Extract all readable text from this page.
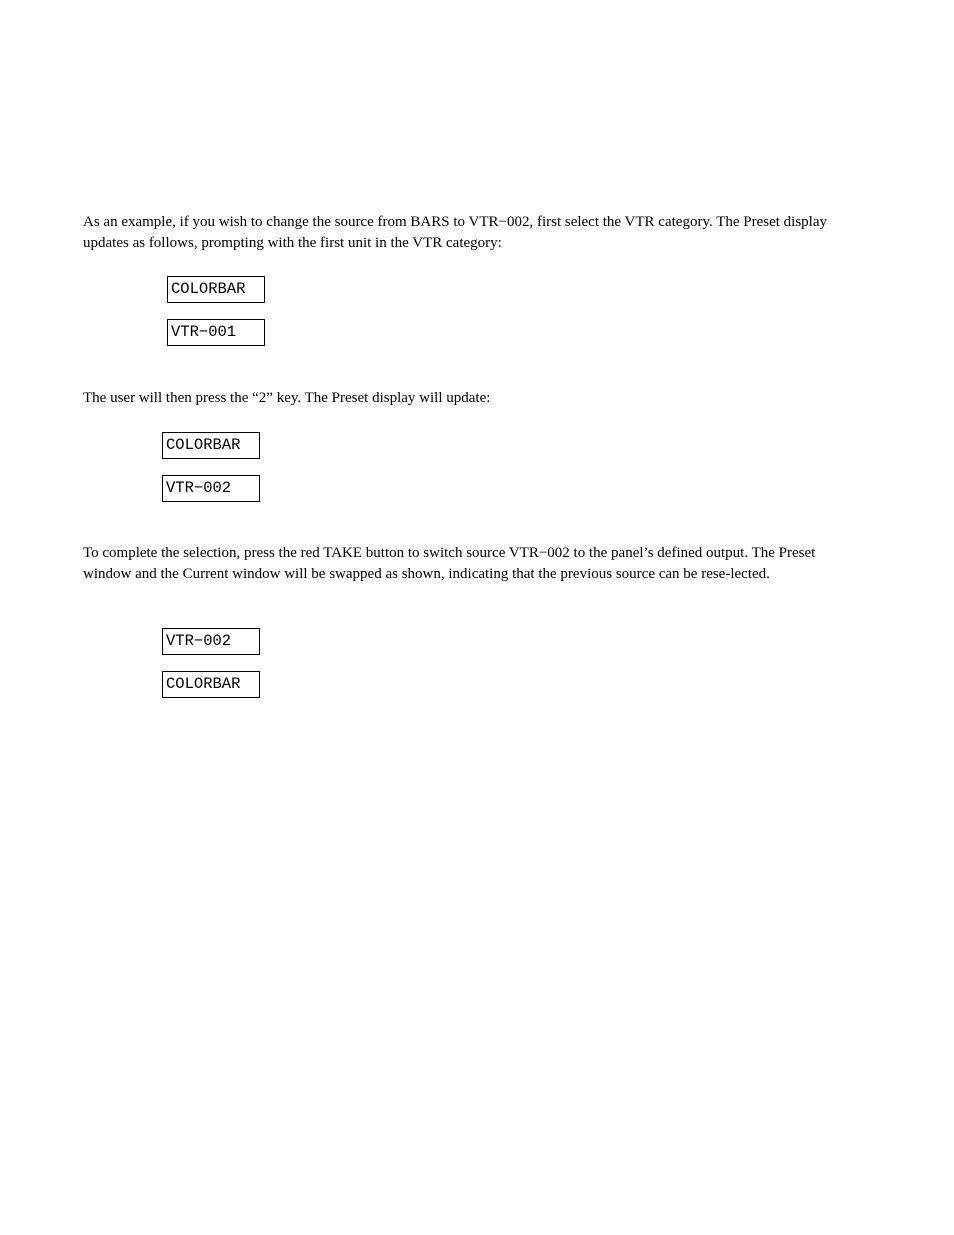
As an example, if you wish to change the source from BARS to VTR−002, first select the VTR category. The Preset display updates as follows, prompting with the first unit in the VTR category:

COLORBAR
VTR−001

The user will then press the “2” key. The Preset display will update:

COLORBAR
VTR−002

To complete the selection, press the red TAKE button to switch source VTR−002 to the panel’s defined output. The Preset window and the Current window will be swapped as shown, indicating that the previous source can be rese-lected.

VTR−002
COLORBAR
